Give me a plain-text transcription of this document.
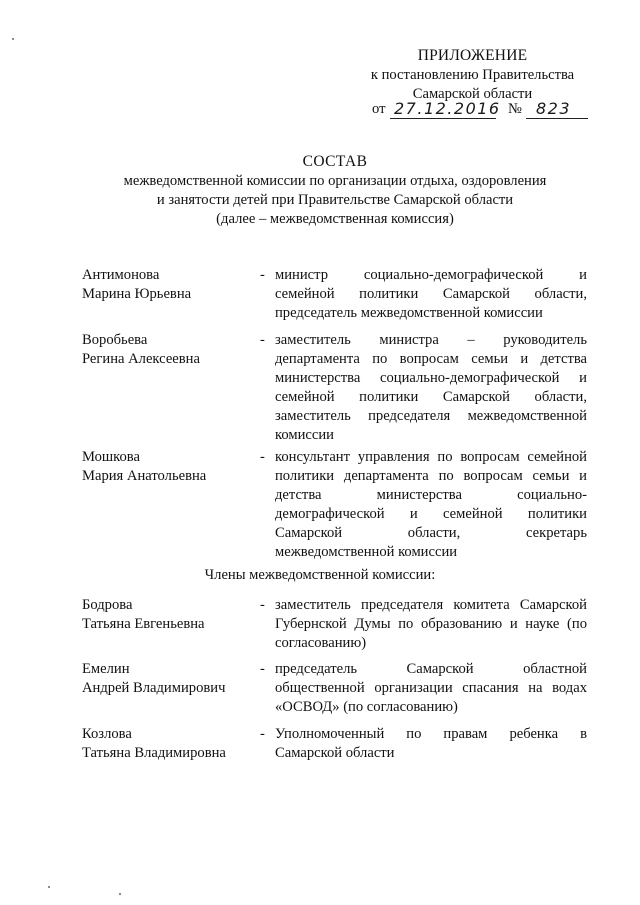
ПРИЛОЖЕНИЕ
к постановлению Правительства
Самарской области
от 27.12.2016 № 823
СОСТАВ
межведомственной комиссии по организации отдыха, оздоровления
и занятости детей при Правительстве Самарской области
(далее – межведомственная комиссия)
Антимонова
Марина Юрьевна
- министр социально-демографической и
семейной политики Самарской области,
председатель межведомственной комиссии
Воробьева
Регина Алексеевна
- заместитель министра – руководитель
департамента по вопросам семьи и детства
министерства социально-демографической и
семейной политики Самарской области,
заместитель председателя межведомственной
комиссии
Мошкова
Мария Анатольевна
- консультант управления по вопросам семейной
политики департамента по вопросам семьи и
детства министерства социально-
демографической и семейной политики
Самарской области, секретарь
межведомственной комиссии
Члены межведомственной комиссии:
Бодрова
Татьяна Евгеньевна
- заместитель председателя комитета Самарской
Губернской Думы по образованию и науке (по
согласованию)
Емелин
Андрей Владимирович
- председатель Самарской областной
общественной организации спасания на водах
«ОСВОД» (по согласованию)
Козлова
Татьяна Владимировна
- Уполномоченный по правам ребенка в
Самарской области
